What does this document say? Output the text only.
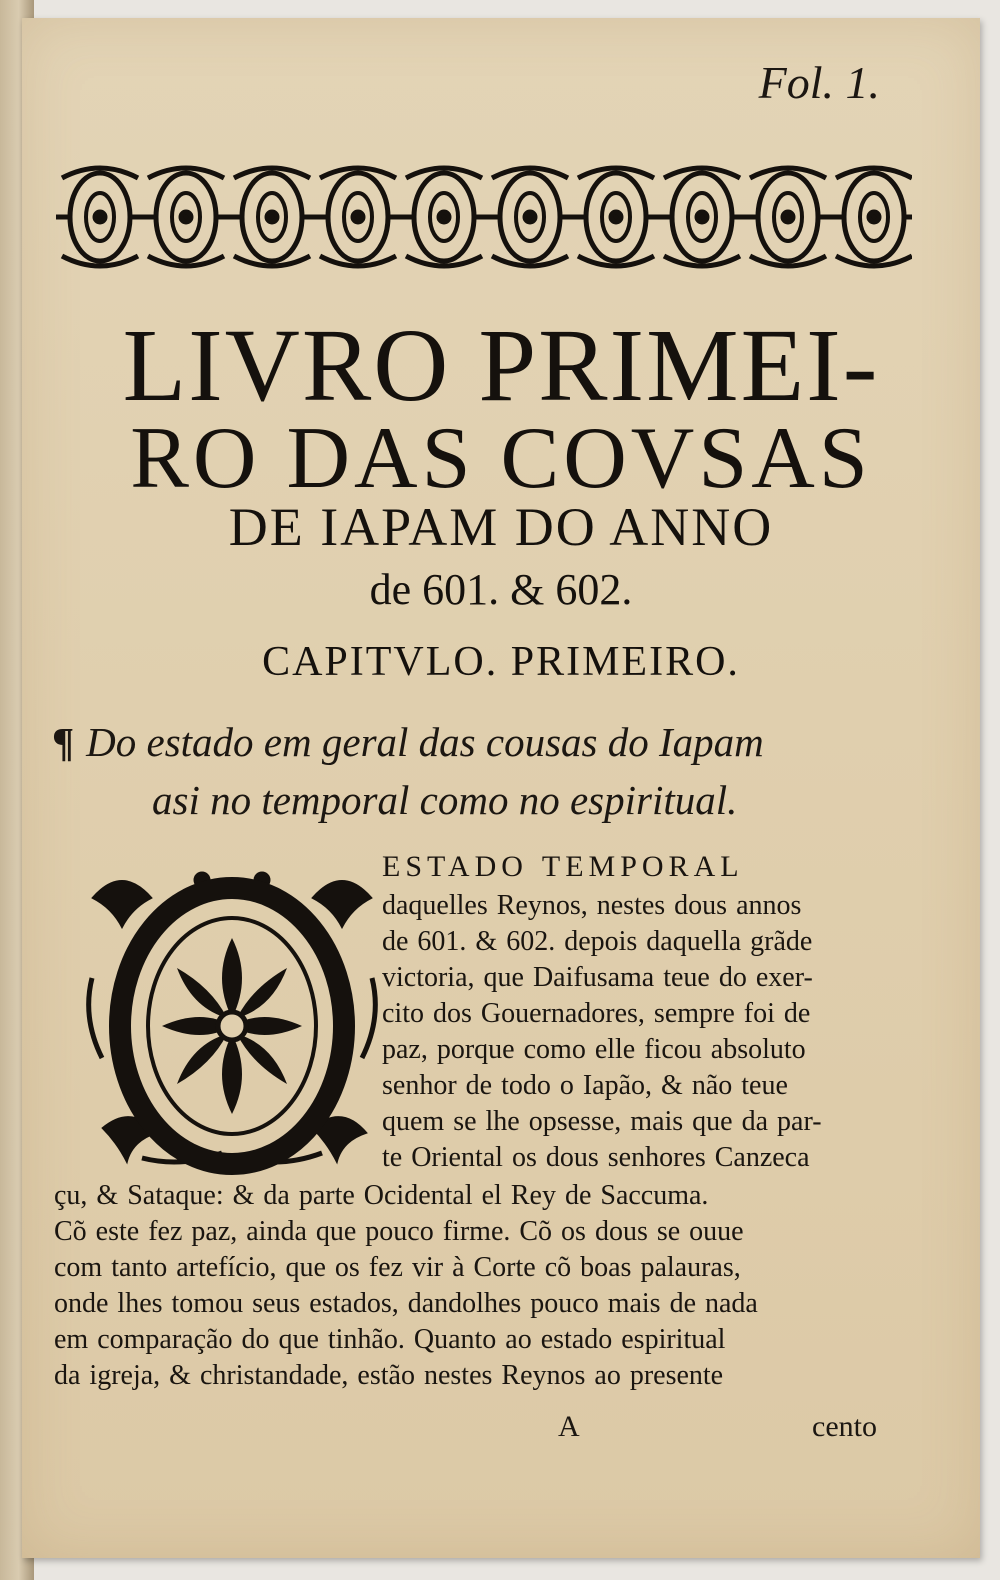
Fol. 1.
LIVRO PRIMEI-
RO DAS COVSAS
DE IAPAM DO ANNO
de 601. & 602.
CAPITVLO. PRIMEIRO.
¶ Do estado em geral das cousas do Iapam
asi no temporal como no espiritual.
ESTADO TEMPORAL
daquelles Reynos, nestes dous annos
de 601. & 602. depois daquella grãde
victoria, que Daifusama teue do exer-
cito dos Gouernadores, sempre foi de
paz, porque como elle ficou absoluto
senhor de todo o Iapão, & não teue
quem se lhe opsesse, mais que da par-
te Oriental os dous senhores Canzeca
çu, & Sataque: & da parte Ocidental el Rey de Saccuma.
Cõ este fez paz, ainda que pouco firme. Cõ os dous se ouue
com tanto artefício, que os fez vir à Corte cõ boas palauras,
onde lhes tomou seus estados, dandolhes pouco mais de nada
em comparação do que tinhão. Quanto ao estado espiritual
da igreja, & christandade, estão nestes Reynos ao presente
A	cento
